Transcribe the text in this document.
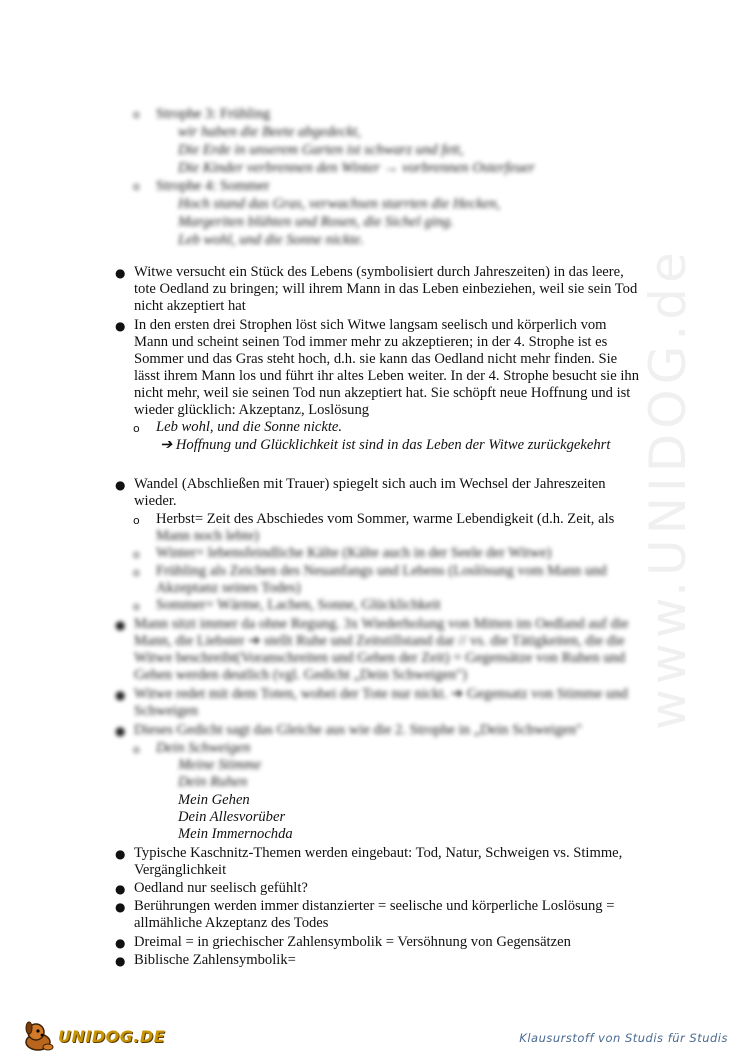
www.UNIDOG.de
o Strophe 3: Frühling
wir haben die Beete abgedeckt,
Die Erde in unserem Garten ist schwarz und fett,
Die Kinder verbrennen den Winter → vorbrennen Osterfeuer
o Strophe 4: Sommer
Hoch stand das Gras, verwachsen starrten die Hecken,
Margeriten blühten und Rosen, die Sichel ging.
Leb wohl, und die Sonne nickte.
● Witwe versucht ein Stück des Lebens (symbolisiert durch Jahreszeiten) in das leere,
tote Oedland zu bringen; will ihrem Mann in das Leben einbeziehen, weil sie sein Tod
nicht akzeptiert hat
● In den ersten drei Strophen löst sich Witwe langsam seelisch und körperlich vom
Mann und scheint seinen Tod immer mehr zu akzeptieren; in der 4. Strophe ist es
Sommer und das Gras steht hoch, d.h. sie kann das Oedland nicht mehr finden. Sie
lässt ihrem Mann los und führt ihr altes Leben weiter. In der 4. Strophe besucht sie ihn
nicht mehr, weil sie seinen Tod nun akzeptiert hat. Sie schöpft neue Hoffnung und ist
wieder glücklich: Akzeptanz, Loslösung
o Leb wohl, und die Sonne nickte.
➔ Hoffnung und Glücklichkeit ist sind in das Leben der Witwe zurückgekehrt
● Wandel (Abschließen mit Trauer) spiegelt sich auch im Wechsel der Jahreszeiten
wieder.
o Herbst= Zeit des Abschiedes vom Sommer, warme Lebendigkeit (d.h. Zeit, als
Mann noch lebte)
o Winter= lebensfeindliche Kälte (Kälte auch in der Seele der Witwe)
o Frühling als Zeichen des Neuanfangs und Lebens (Loslösung vom Mann und
Akzeptanz seines Todes)
o Sommer= Wärme, Lachen, Sonne, Glücklichkeit
● Mann sitzt immer da ohne Regung. 3x Wiederholung von Mitten im Oedland auf die
Mann, die Liebster ➔ stellt Ruhe und Zeitstillstand dar // vs. die Tätigkeiten, die die
Witwe beschreibt(Voranschreiten und Gehen der Zeit) = Gegensätze von Ruhen und
Gehen werden deutlich (vgl. Gedicht „Dein Schweigen")
● Witwe redet mit dem Toten, wobei der Tote nur nickt. ➔ Gegensatz von Stimme und
Schweigen
● Dieses Gedicht sagt das Gleiche aus wie die 2. Strophe in „Dein Schweigen"
o Dein Schweigen
Meine Stimme
Dein Ruhen
Mein Gehen
Dein Allesvorüber
Mein Immernochda
● Typische Kaschnitz-Themen werden eingebaut: Tod, Natur, Schweigen vs. Stimme,
Vergänglichkeit
● Oedland nur seelisch gefühlt?
● Berührungen werden immer distanzierter = seelische und körperliche Loslösung =
allmähliche Akzeptanz des Todes
● Dreimal = in griechischer Zahlensymbolik = Versöhnung von Gegensätzen
● Biblische Zahlensymbolik=
UNIDOG.DE	Klausurstoff von Studis für Studis
